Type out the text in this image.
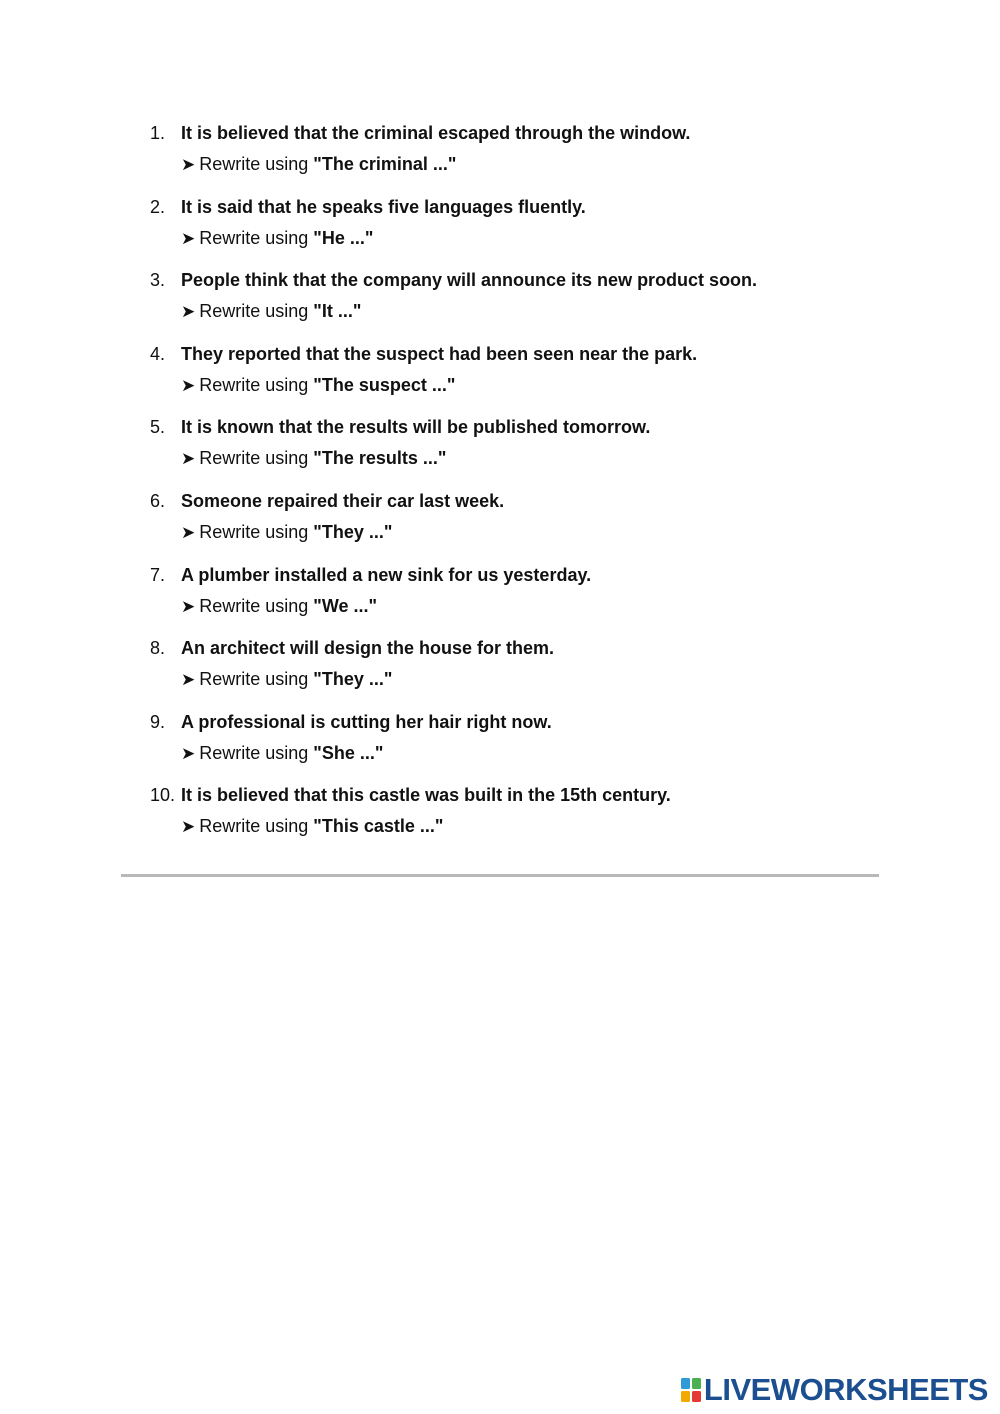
1. It is believed that the criminal escaped through the window.
➤ Rewrite using "The criminal ..."
2. It is said that he speaks five languages fluently.
➤ Rewrite using "He ..."
3. People think that the company will announce its new product soon.
➤ Rewrite using "It ..."
4. They reported that the suspect had been seen near the park.
➤ Rewrite using "The suspect ..."
5. It is known that the results will be published tomorrow.
➤ Rewrite using "The results ..."
6. Someone repaired their car last week.
➤ Rewrite using "They ..."
7. A plumber installed a new sink for us yesterday.
➤ Rewrite using "We ..."
8. An architect will design the house for them.
➤ Rewrite using "They ..."
9. A professional is cutting her hair right now.
➤ Rewrite using "She ..."
10. It is believed that this castle was built in the 15th century.
➤ Rewrite using "This castle ..."
LIVEWORKSHEETS
